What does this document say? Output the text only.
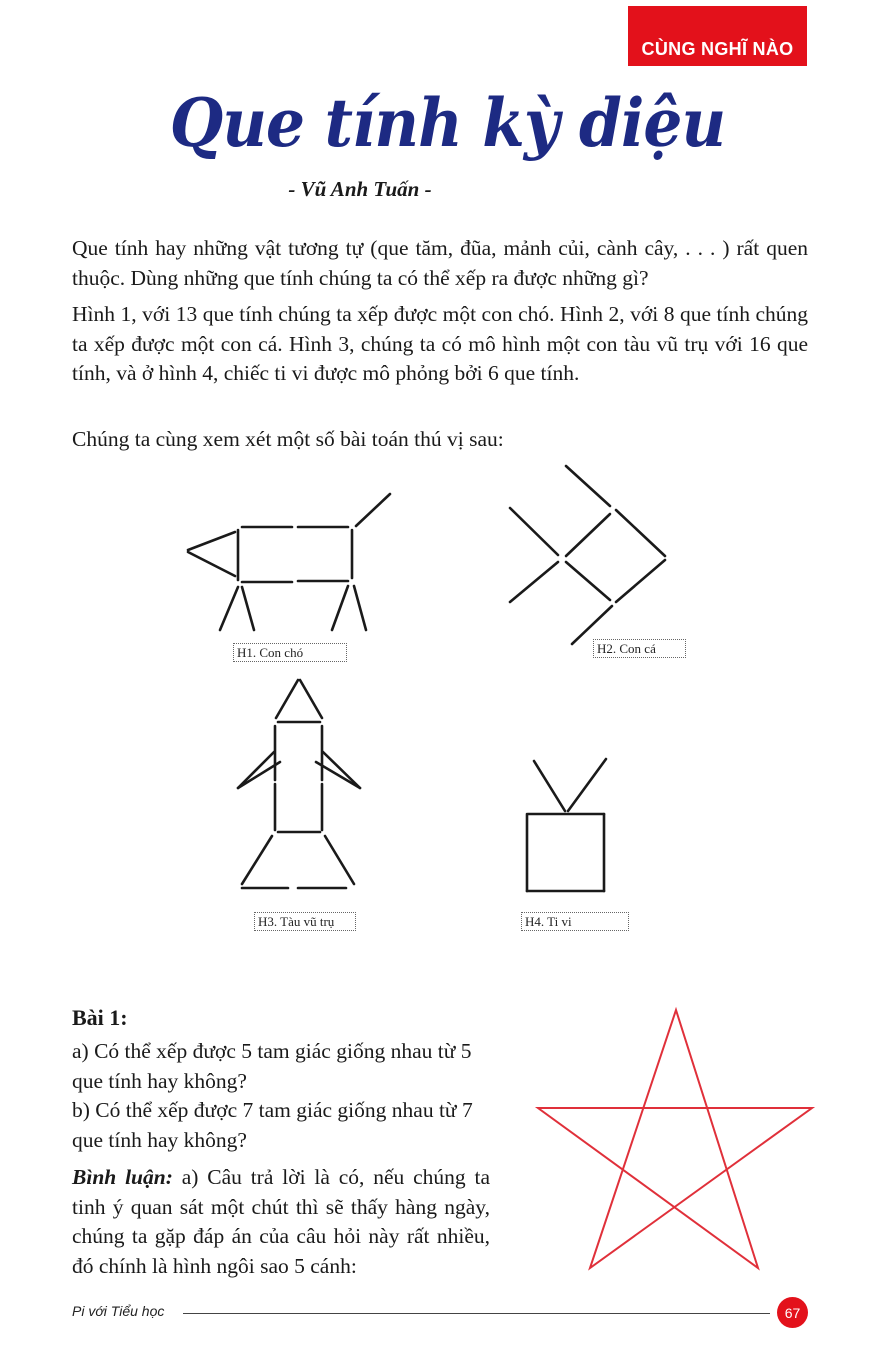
CÙNG NGHĨ NÀO
Que tính kỳ diệu
- Vũ Anh Tuấn -

Que tính hay những vật tương tự (que tăm, đũa, mảnh củi, cành cây, . . . ) rất quen thuộc. Dùng những que tính chúng ta có thể xếp ra được những gì?

Hình 1, với 13 que tính chúng ta xếp được một con chó. Hình 2, với 8 que tính chúng ta xếp được một con cá. Hình 3, chúng ta có mô hình một con tàu vũ trụ với 16 que tính, và ở hình 4, chiếc ti vi được mô phỏng bởi 6 que tính.

Chúng ta cùng xem xét một số bài toán thú vị sau:

H1. Con chó	H2. Con cá
H3. Tàu vũ trụ	H4. Ti vi
Bài 1:

a) Có thể xếp được 5 tam giác giống nhau từ 5 que tính hay không?

b) Có thể xếp được 7 tam giác giống nhau từ 7 que tính hay không?

Bình luận: a) Câu trả lời là có, nếu chúng ta tinh ý quan sát một chút thì sẽ thấy hàng ngày, chúng ta gặp đáp án của câu hỏi này rất nhiều, đó chính là hình ngôi sao 5 cánh:

Pi với Tiểu học	67
